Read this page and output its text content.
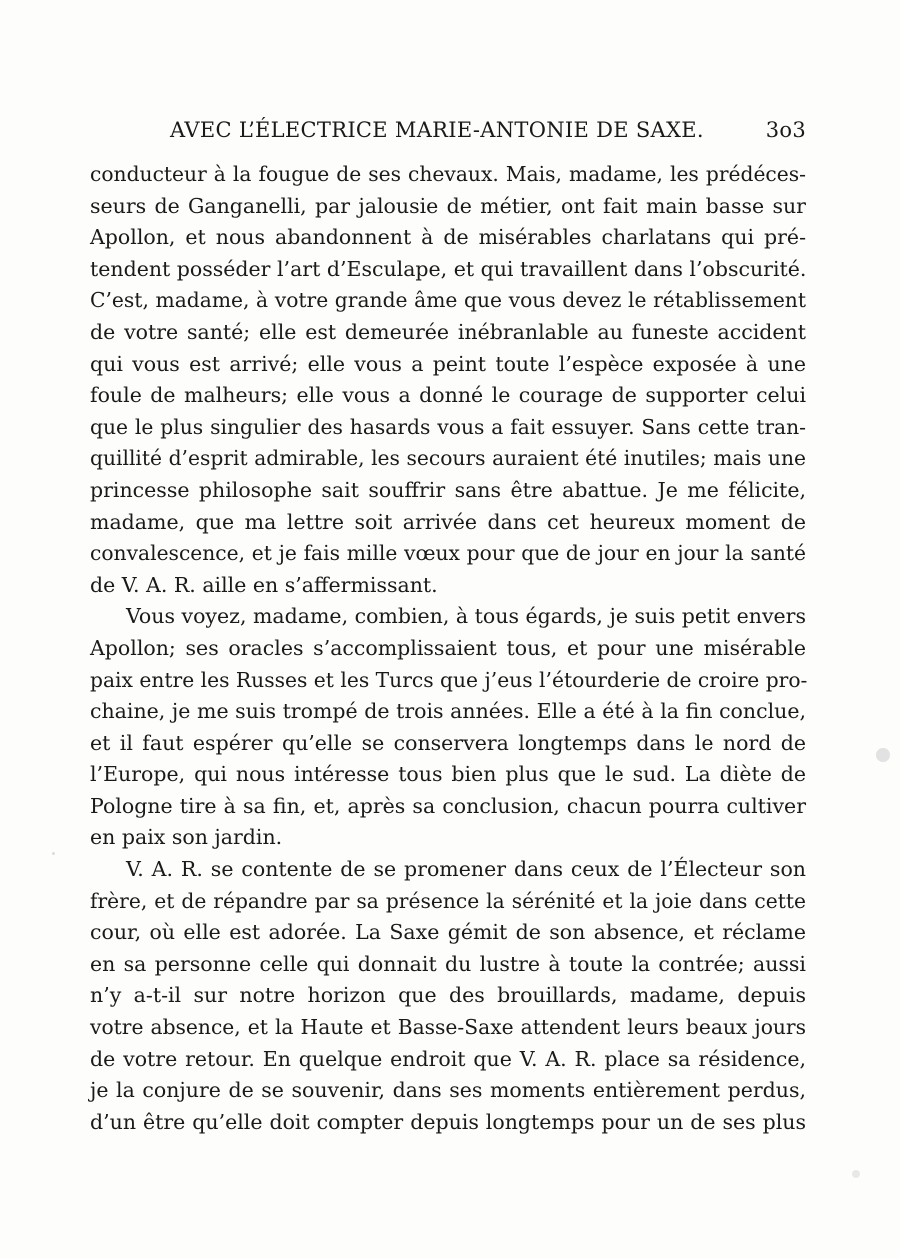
AVEC L’ÉLECTRICE MARIE-ANTONIE DE SAXE.	3o3
conducteur à la fougue de ses chevaux. Mais, madame, les prédéces-
seurs de Ganganelli, par jalousie de métier, ont fait main basse sur
Apollon, et nous abandonnent à de misérables charlatans qui pré-
tendent posséder l’art d’Esculape, et qui travaillent dans l’obscurité.
C’est, madame, à votre grande âme que vous devez le rétablissement
de votre santé; elle est demeurée inébranlable au funeste accident
qui vous est arrivé; elle vous a peint toute l’espèce exposée à une
foule de malheurs; elle vous a donné le courage de supporter celui
que le plus singulier des hasards vous a fait essuyer. Sans cette tran-
quillité d’esprit admirable, les secours auraient été inutiles; mais une
princesse philosophe sait souffrir sans être abattue. Je me félicite,
madame, que ma lettre soit arrivée dans cet heureux moment de
convalescence, et je fais mille vœux pour que de jour en jour la santé
de V. A. R. aille en s’affermissant.
Vous voyez, madame, combien, à tous égards, je suis petit envers
Apollon; ses oracles s’accomplissaient tous, et pour une misérable
paix entre les Russes et les Turcs que j’eus l’étourderie de croire pro-
chaine, je me suis trompé de trois années. Elle a été à la fin conclue,
et il faut espérer qu’elle se conservera longtemps dans le nord de
l’Europe, qui nous intéresse tous bien plus que le sud. La diète de
Pologne tire à sa fin, et, après sa conclusion, chacun pourra cultiver
en paix son jardin.
V. A. R. se contente de se promener dans ceux de l’Électeur son
frère, et de répandre par sa présence la sérénité et la joie dans cette
cour, où elle est adorée. La Saxe gémit de son absence, et réclame
en sa personne celle qui donnait du lustre à toute la contrée; aussi
n’y a-t-il sur notre horizon que des brouillards, madame, depuis
votre absence, et la Haute et Basse-Saxe attendent leurs beaux jours
de votre retour. En quelque endroit que V. A. R. place sa résidence,
je la conjure de se souvenir, dans ses moments entièrement perdus,
d’un être qu’elle doit compter depuis longtemps pour un de ses plus
